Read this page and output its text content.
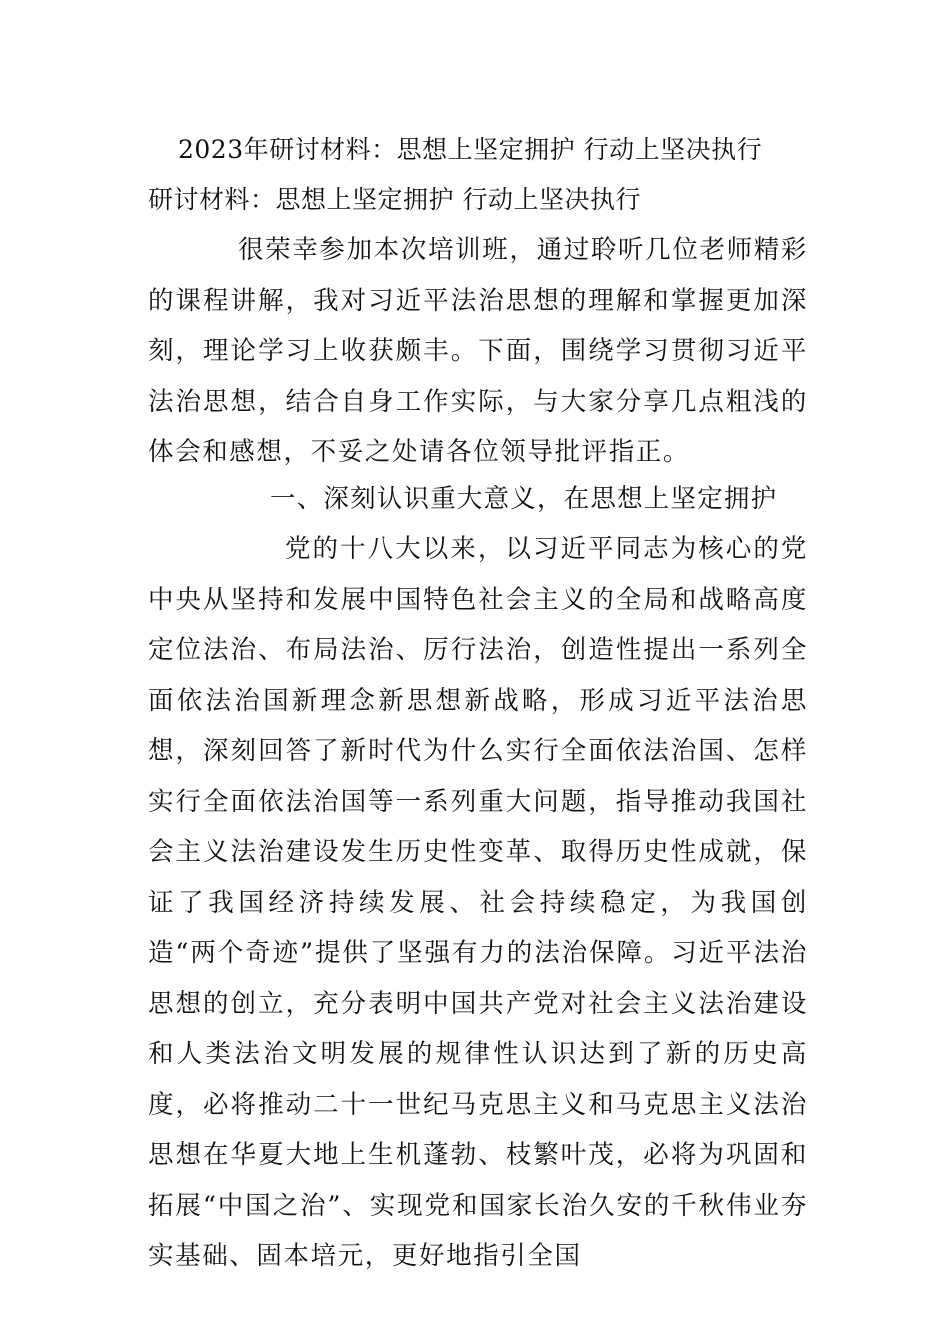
2023年研讨材料：思想上坚定拥护 行动上坚决执行
研讨材料：思想上坚定拥护 行动上坚决执行

很荣幸参加本次培训班，通过聆听几位老师精彩的课程讲解，我对习近平法治思想的理解和掌握更加深刻，理论学习上收获颇丰。下面，围绕学习贯彻习近平法治思想，结合自身工作实际，与大家分享几点粗浅的体会和感想，不妥之处请各位领导批评指正。

一、深刻认识重大意义，在思想上坚定拥护

党的十八大以来，以习近平同志为核心的党中央从坚持和发展中国特色社会主义的全局和战略高度定位法治、布局法治、厉行法治，创造性提出一系列全面依法治国新理念新思想新战略，形成习近平法治思想，深刻回答了新时代为什么实行全面依法治国、怎样实行全面依法治国等一系列重大问题，指导推动我国社会主义法治建设发生历史性变革、取得历史性成就，保证了我国经济持续发展、社会持续稳定，为我国创造“两个奇迹”提供了坚强有力的法治保障。习近平法治思想的创立，充分表明中国共产党对社会主义法治建设和人类法治文明发展的规律性认识达到了新的历史高度，必将推动二十一世纪马克思主义和马克思主义法治思想在华夏大地上生机蓬勃、枝繁叶茂，必将为巩固和拓展“中国之治”、实现党和国家长治久安的千秋伟业夯实基础、固本培元，更好地指引全国
